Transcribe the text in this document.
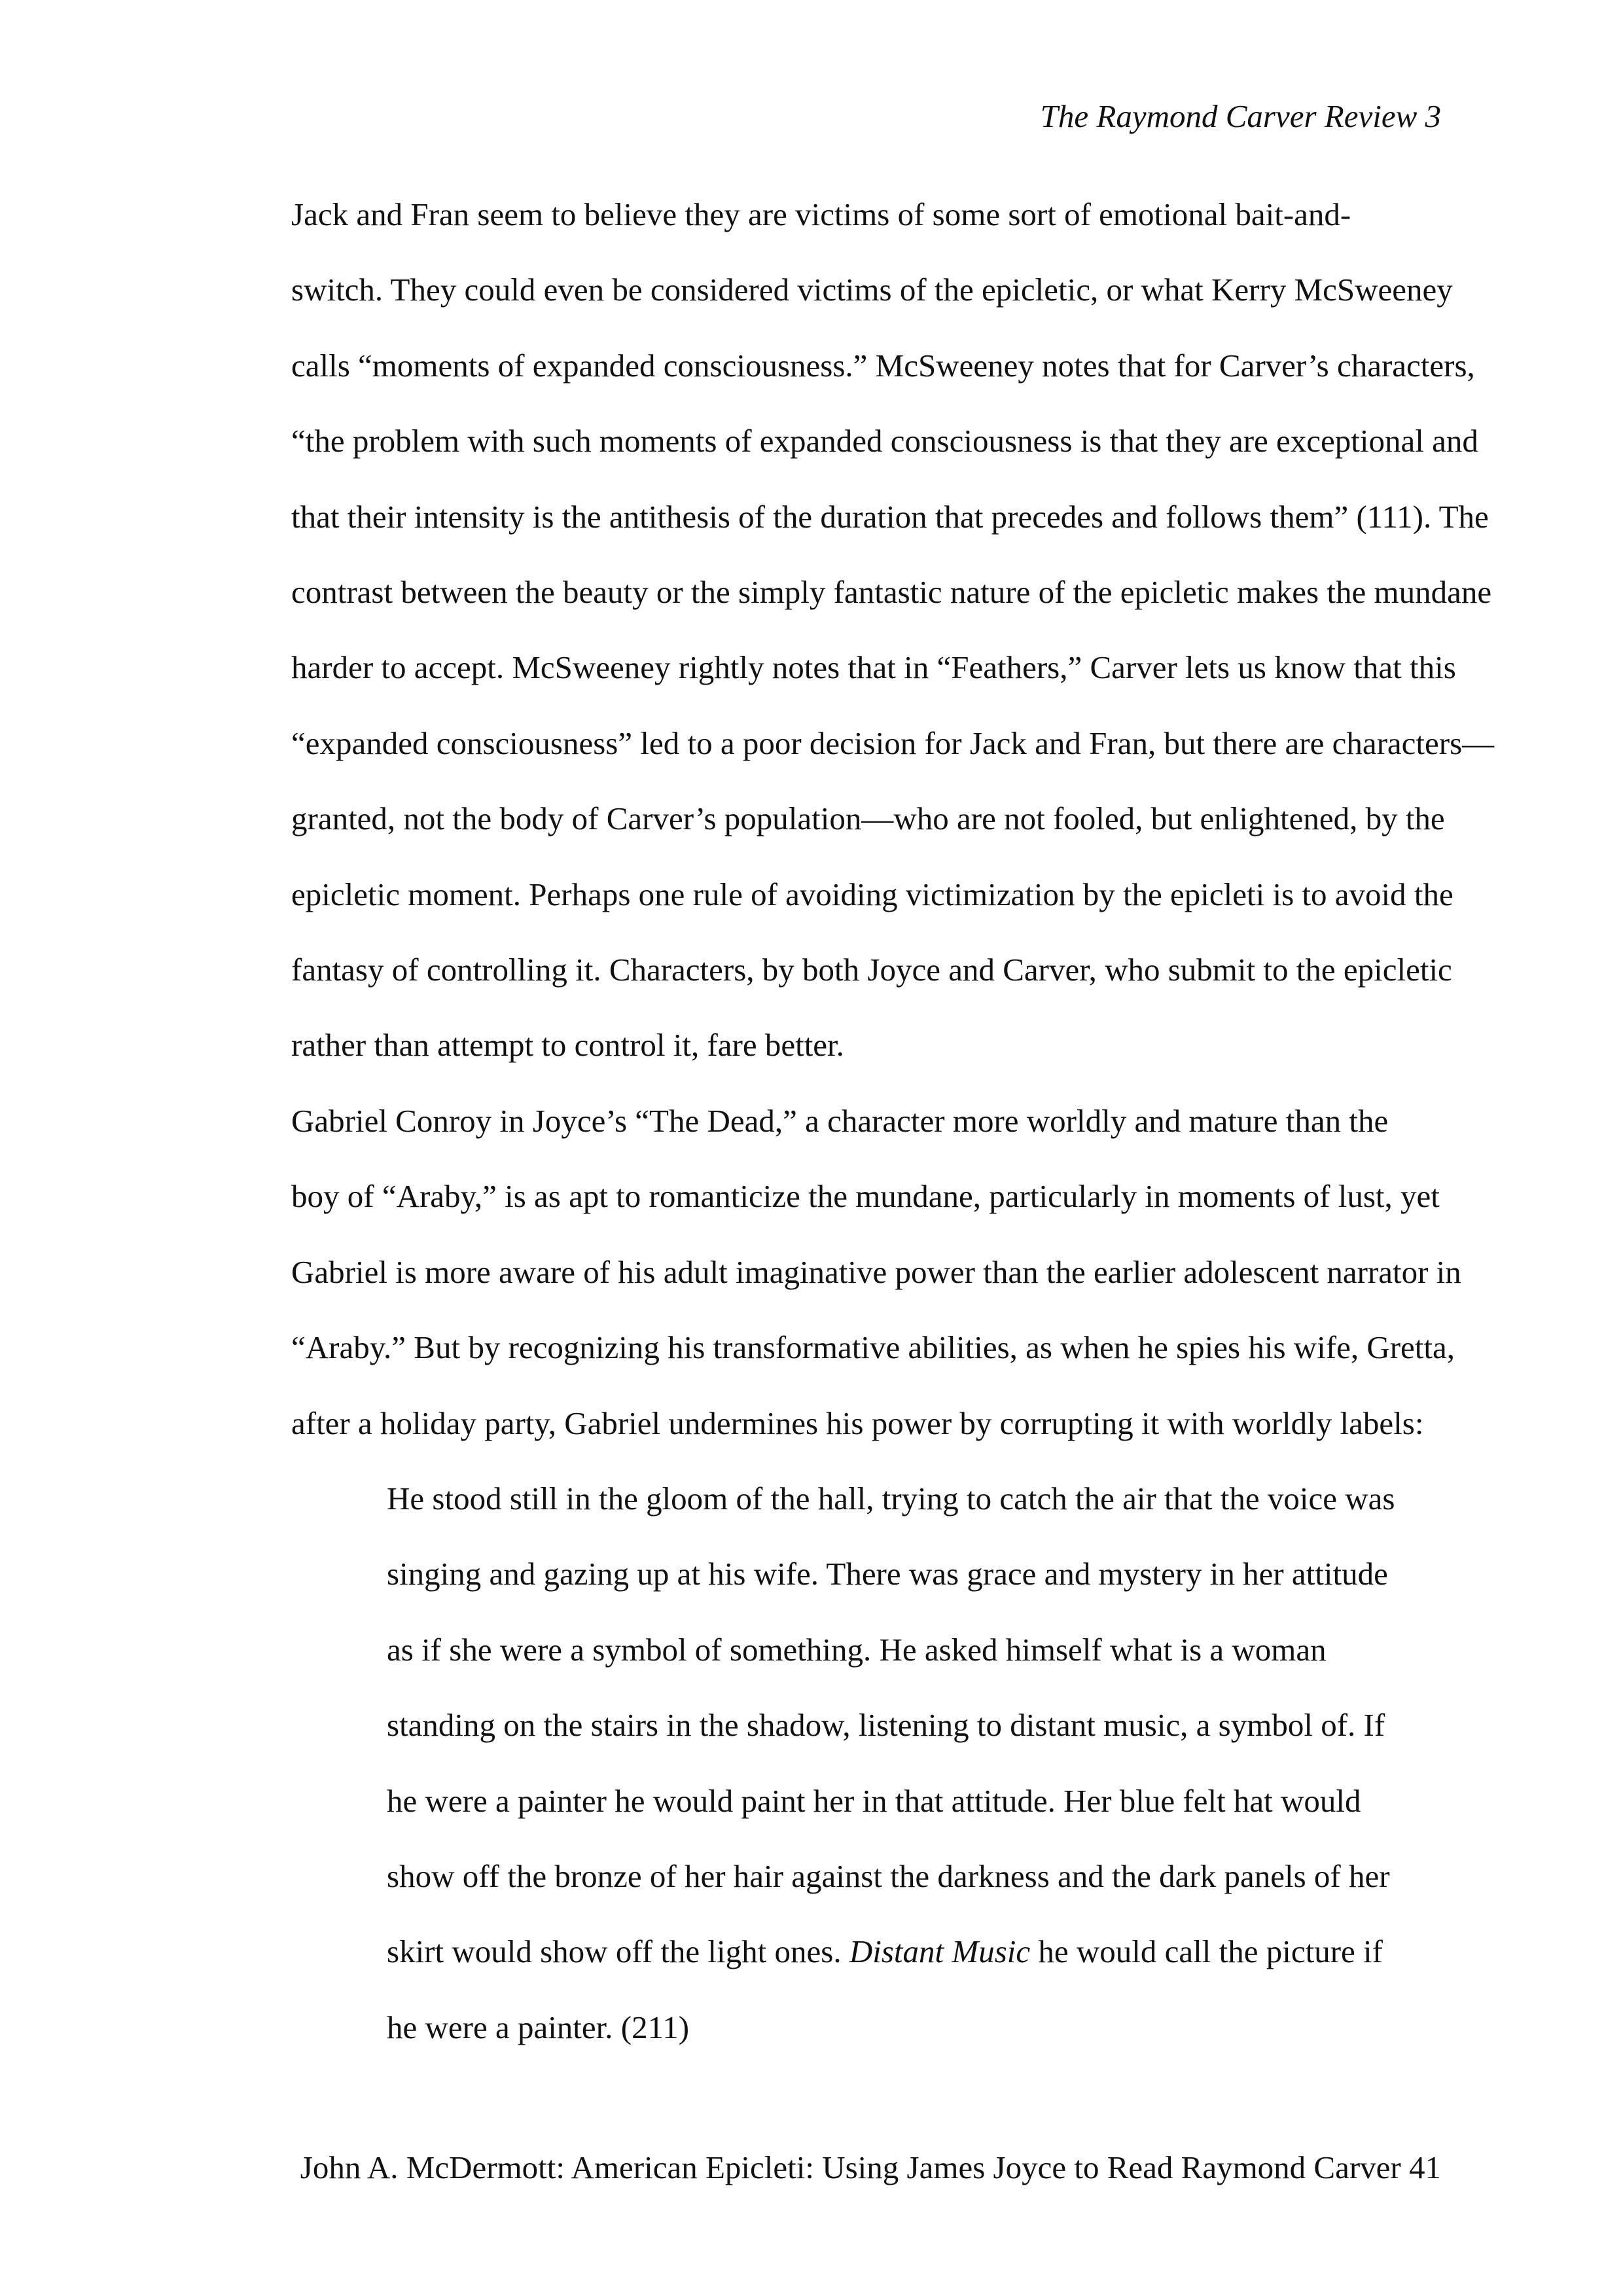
The Raymond Carver Review 3

Jack and Fran seem to believe they are victims of some sort of emotional bait-and-
switch. They could even be considered victims of the epicletic, or what Kerry McSweeney
calls “moments of expanded consciousness.” McSweeney notes that for Carver’s characters,
“the problem with such moments of expanded consciousness is that they are exceptional and
that their intensity is the antithesis of the duration that precedes and follows them” (111). The
contrast between the beauty or the simply fantastic nature of the epicletic makes the mundane
harder to accept. McSweeney rightly notes that in “Feathers,” Carver lets us know that this
“expanded consciousness” led to a poor decision for Jack and Fran, but there are characters—
granted, not the body of Carver’s population—who are not fooled, but enlightened, by the
epicletic moment. Perhaps one rule of avoiding victimization by the epicleti is to avoid the
fantasy of controlling it. Characters, by both Joyce and Carver, who submit to the epicletic
rather than attempt to control it, fare better.

Gabriel Conroy in Joyce’s “The Dead,” a character more worldly and mature than the
boy of “Araby,” is as apt to romanticize the mundane, particularly in moments of lust, yet
Gabriel is more aware of his adult imaginative power than the earlier adolescent narrator in
“Araby.” But by recognizing his transformative abilities, as when he spies his wife, Gretta,
after a holiday party, Gabriel undermines his power by corrupting it with worldly labels:

He stood still in the gloom of the hall, trying to catch the air that the voice was
singing and gazing up at his wife. There was grace and mystery in her attitude
as if she were a symbol of something. He asked himself what is a woman
standing on the stairs in the shadow, listening to distant music, a symbol of. If
he were a painter he would paint her in that attitude. Her blue felt hat would
show off the bronze of her hair against the darkness and the dark panels of her
skirt would show off the light ones. Distant Music he would call the picture if
he were a painter. (211)
John A. McDermott: American Epicleti: Using James Joyce to Read Raymond Carver 41
